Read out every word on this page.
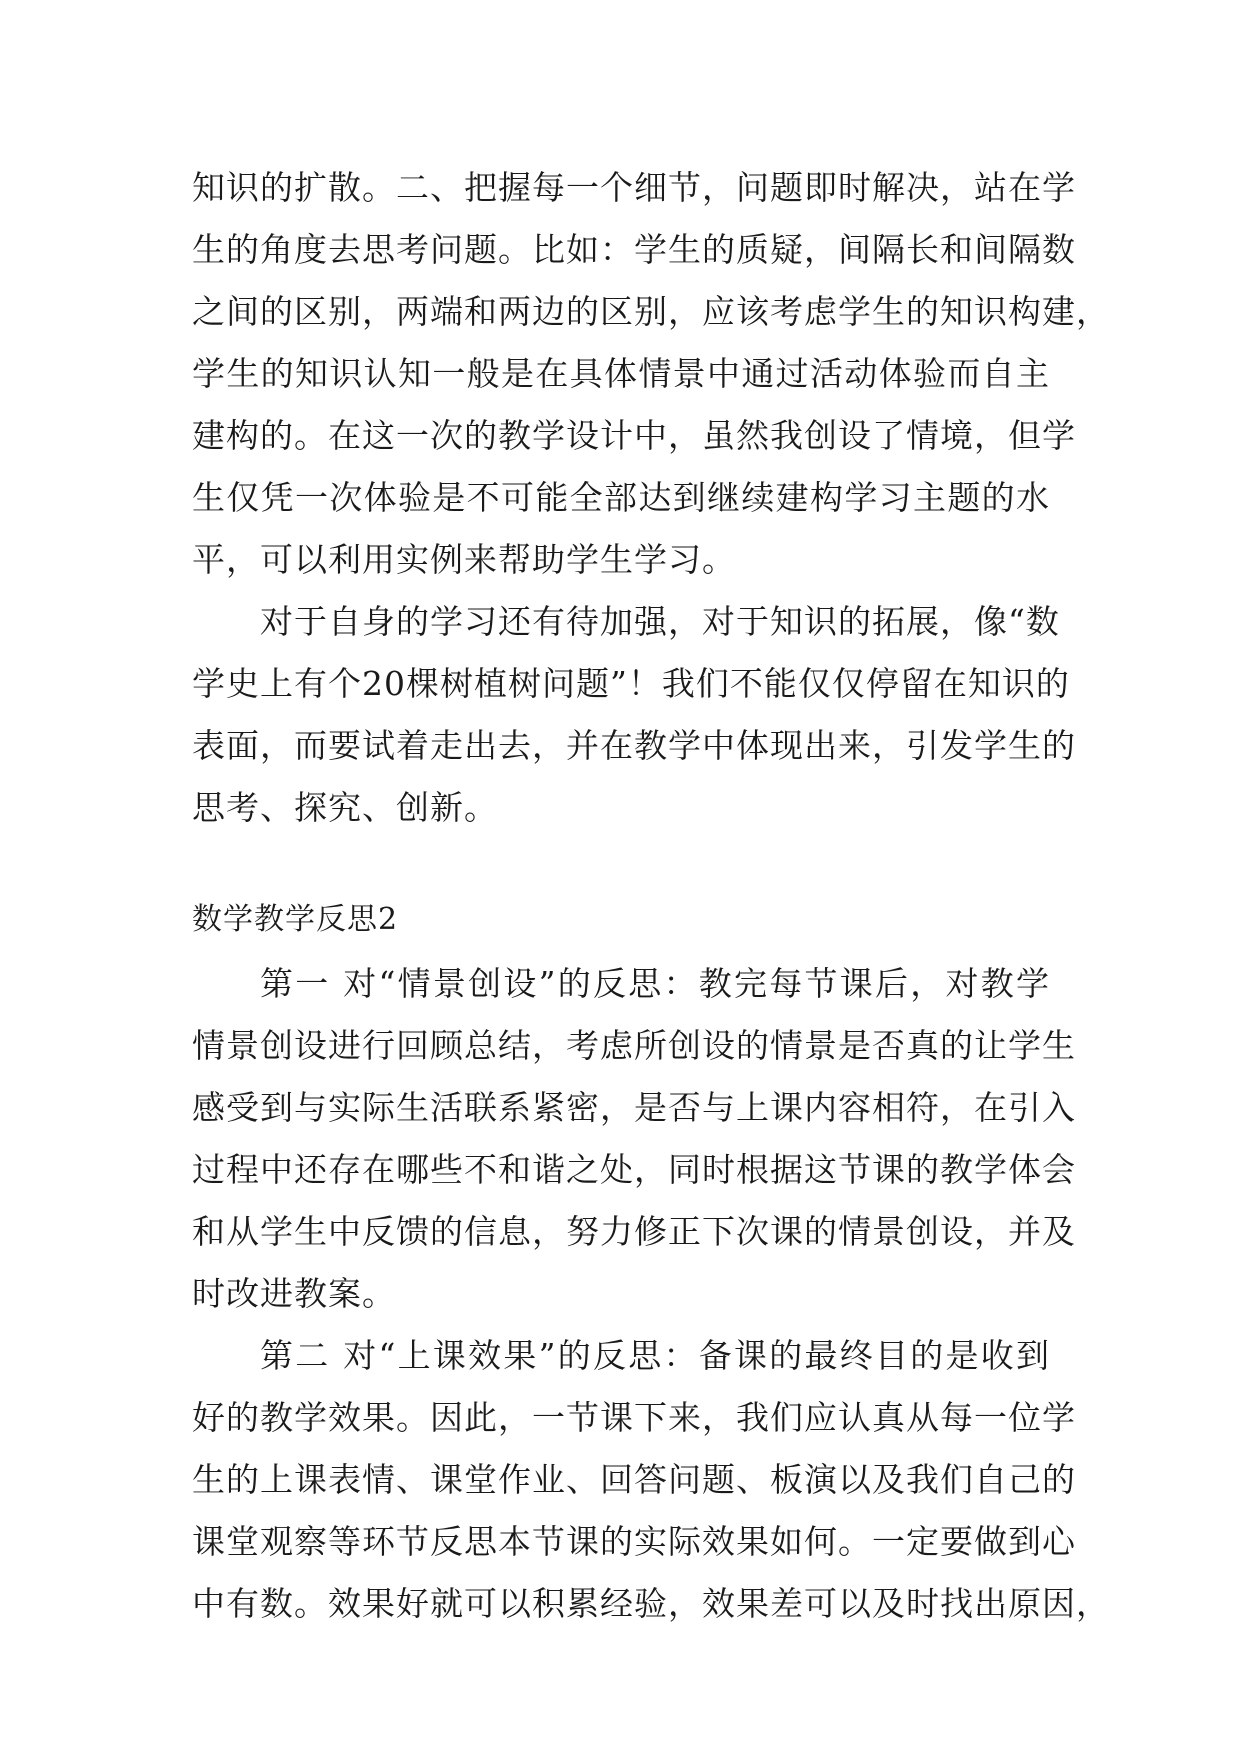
知识的扩散。二、把握每一个细节，问题即时解决，站在学
生的角度去思考问题。比如：学生的质疑，间隔长和间隔数
之间的区别，两端和两边的区别，应该考虑学生的知识构建，
学生的知识认知一般是在具体情景中通过活动体验而自主
建构的。在这一次的教学设计中，虽然我创设了情境，但学
生仅凭一次体验是不可能全部达到继续建构学习主题的水
平，可以利用实例来帮助学生学习。
对于自身的学习还有待加强，对于知识的拓展，像“数
学史上有个20棵树植树问题”！我们不能仅仅停留在知识的
表面，而要试着走出去，并在教学中体现出来，引发学生的
思考、探究、创新。
数学教学反思2
第一 对“情景创设”的反思：教完每节课后，对教学
情景创设进行回顾总结，考虑所创设的情景是否真的让学生
感受到与实际生活联系紧密，是否与上课内容相符，在引入
过程中还存在哪些不和谐之处，同时根据这节课的教学体会
和从学生中反馈的信息，努力修正下次课的情景创设，并及
时改进教案。
第二 对“上课效果”的反思：备课的最终目的是收到
好的教学效果。因此，一节课下来，我们应认真从每一位学
生的上课表情、课堂作业、回答问题、板演以及我们自己的
课堂观察等环节反思本节课的实际效果如何。一定要做到心
中有数。效果好就可以积累经验，效果差可以及时找出原因，
